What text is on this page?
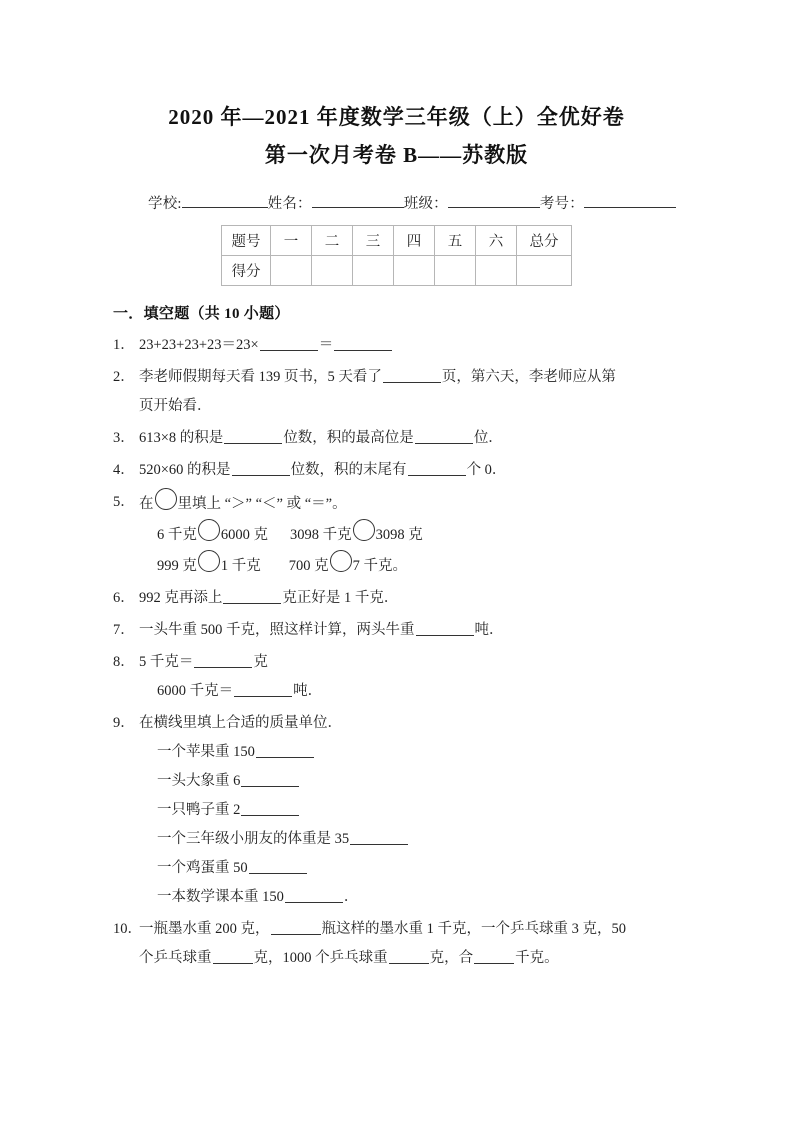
2020 年—2021 年度数学三年级（上）全优好卷
第一次月考卷 B——苏教版
学校:	姓名：	班级：	考号：
题号	一	二	三	四	五	六	总分
得分							
一．填空题（共 10 小题）
1． 23+23+23+23＝23×	＝
2． 李老师假期每天看 139 页书，5 天看了	页，第六天，李老师应从第
页开始看．
3． 613×8 的积是	位数，积的最高位是	位．
4． 520×60 的积是	位数，积的末尾有	个 0．
5． 在 里填上 “＞” “＜” 或 “＝”。
6 千克 6000 克 3098 千克 3098 克
999 克 1 千克 700 克 7 千克。
6． 992 克再添上	克正好是 1 千克．
7． 一头牛重 500 千克，照这样计算，两头牛重	吨．
8． 5 千克＝	克
6000 千克＝	吨．
9． 在横线里填上合适的质量单位．
一个苹果重 150
一头大象重 6
一只鸭子重 2
一个三年级小朋友的体重是 35
一个鸡蛋重 50
一本数学课本重 150	．
10．
一瓶墨水重 200 克，	瓶这样的墨水重 1 千克，一个乒乓球重 3 克，50
个乒乓球重	克，1000 个乒乓球重	克，合	千克。
